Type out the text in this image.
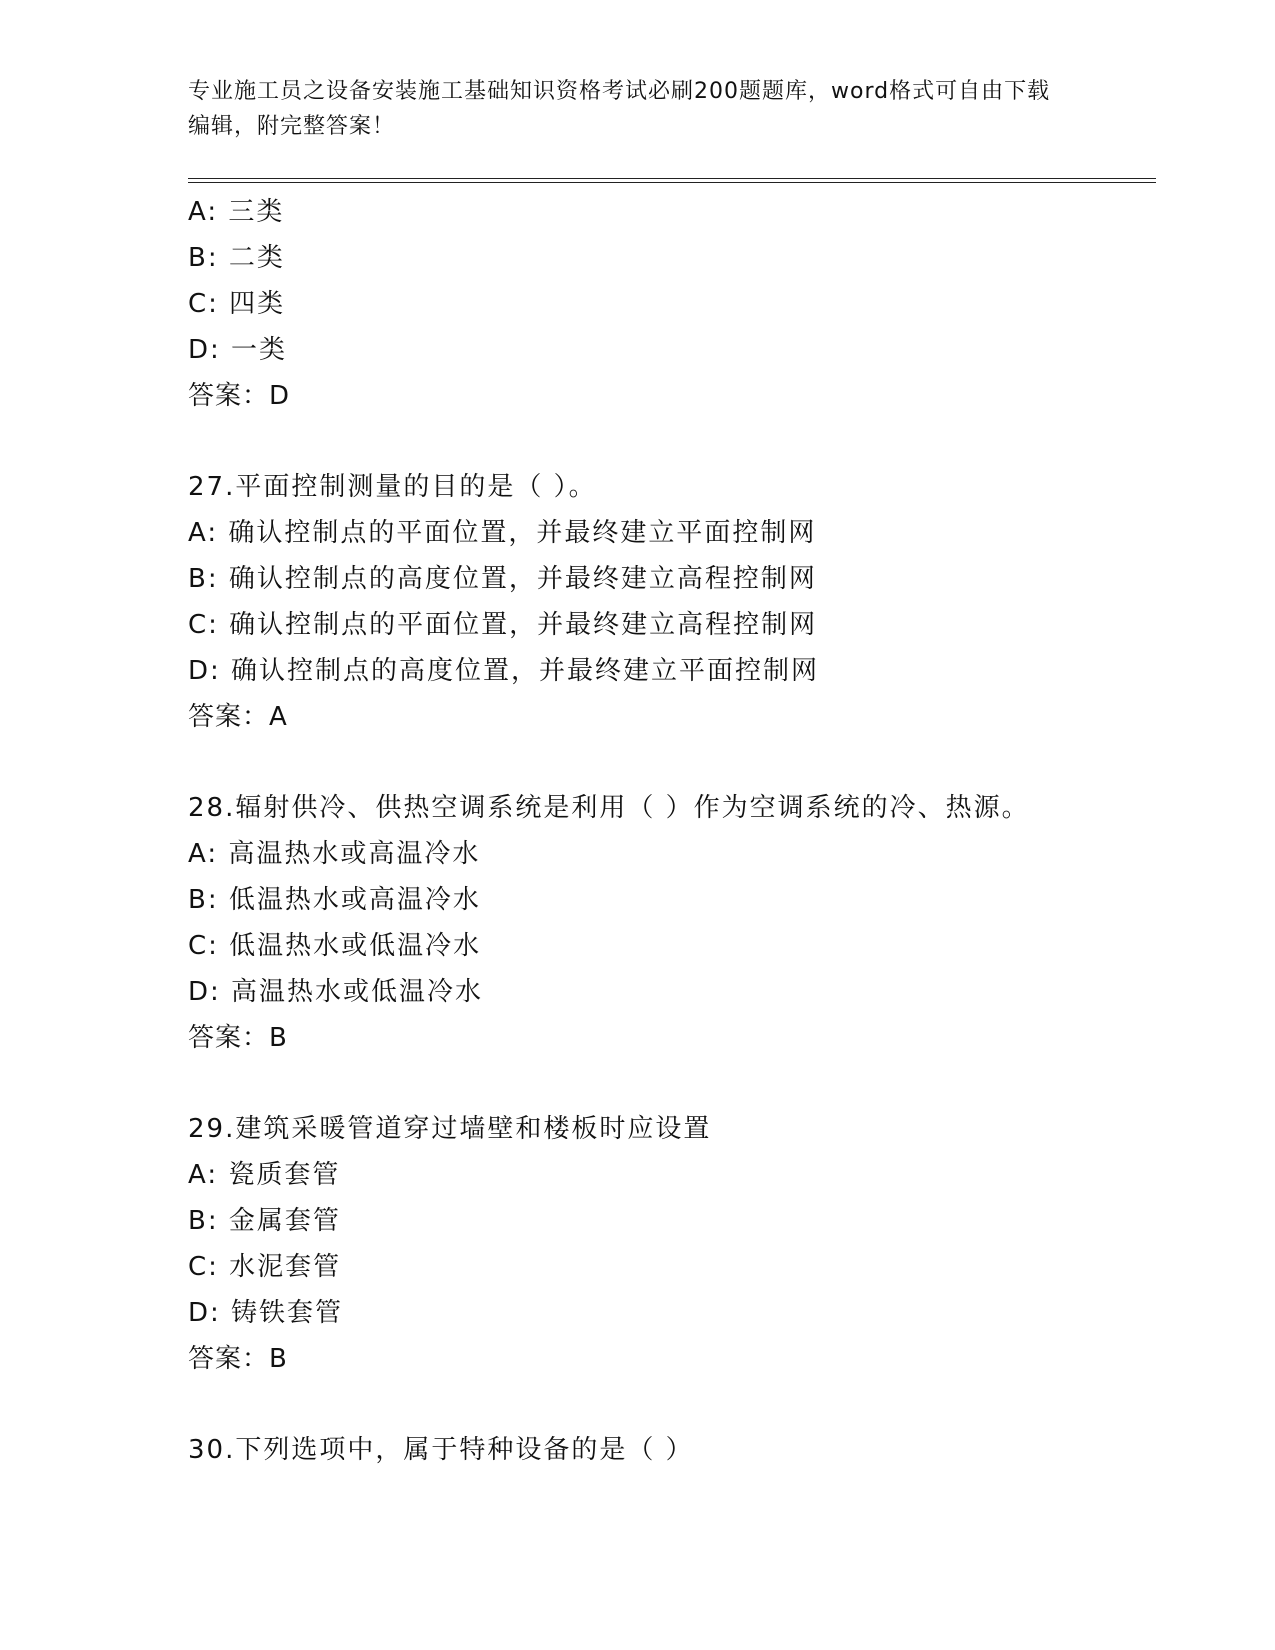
专业施工员之设备安装施工基础知识资格考试必刷200题题库，word格式可自由下载编辑，附完整答案！

A: 三类
B: 二类
C: 四类
D: 一类
答案：D
27.平面控制测量的目的是（ ）。
A: 确认控制点的平面位置，并最终建立平面控制网
B: 确认控制点的高度位置，并最终建立高程控制网
C: 确认控制点的平面位置，并最终建立高程控制网
D: 确认控制点的高度位置，并最终建立平面控制网
答案：A
28.辐射供冷、供热空调系统是利用（ ）作为空调系统的冷、热源。
A: 高温热水或高温冷水
B: 低温热水或高温冷水
C: 低温热水或低温冷水
D: 高温热水或低温冷水
答案：B
29.建筑采暖管道穿过墙壁和楼板时应设置
A: 瓷质套管
B: 金属套管
C: 水泥套管
D: 铸铁套管
答案：B
30.下列选项中，属于特种设备的是（ ）
